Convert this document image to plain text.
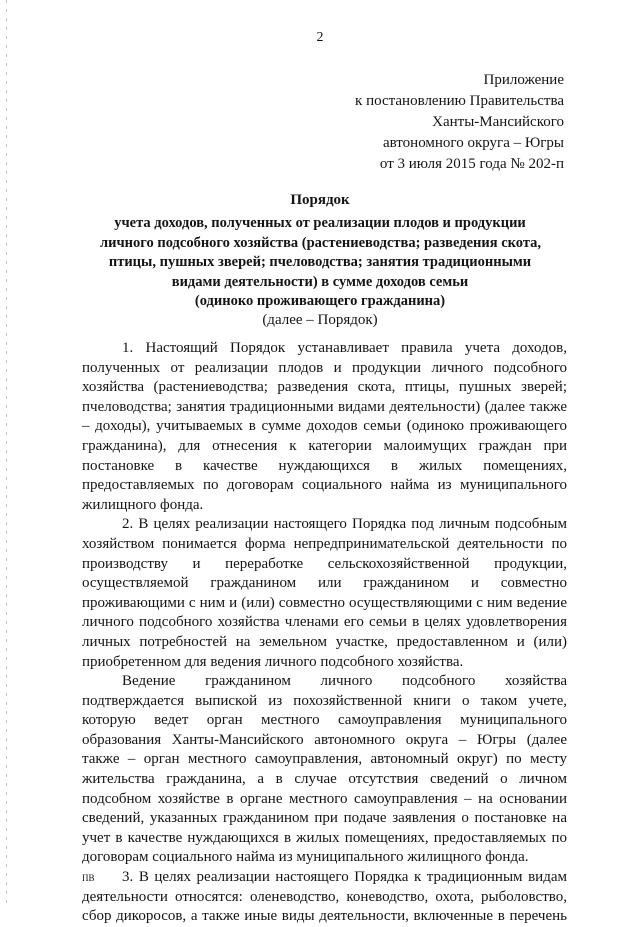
2
Приложение
к постановлению Правительства
Ханты-Мансийского
автономного округа – Югры
от 3 июля 2015 года № 202-п
Порядок
учета доходов, полученных от реализации плодов и продукции
личного подсобного хозяйства (растениеводства; разведения скота,
птицы, пушных зверей; пчеловодства; занятия традиционными
видами деятельности) в сумме доходов семьи
(одиноко проживающего гражданина)
(далее – Порядок)
1. Настоящий Порядок устанавливает правила учета доходов,
полученных от реализации плодов и продукции личного подсобного
хозяйства (растениеводства; разведения скота, птицы, пушных зверей;
пчеловодства; занятия традиционными видами деятельности) (далее также
– доходы), учитываемых в сумме доходов семьи (одиноко проживающего
гражданина), для отнесения к категории малоимущих граждан при
постановке в качестве нуждающихся в жилых помещениях,
предоставляемых по договорам социального найма из муниципального
жилищного фонда.
2. В целях реализации настоящего Порядка под личным подсобным
хозяйством понимается форма непредпринимательской деятельности по
производству и переработке сельскохозяйственной продукции,
осуществляемой гражданином или гражданином и совместно
проживающими с ним и (или) совместно осуществляющими с ним ведение
личного подсобного хозяйства членами его семьи в целях удовлетворения
личных потребностей на земельном участке, предоставленном и (или)
приобретенном для ведения личного подсобного хозяйства.
Ведение гражданином личного подсобного хозяйства
подтверждается выпиской из похозяйственной книги о таком учете,
которую ведет орган местного самоуправления муниципального
образования Ханты-Мансийского автономного округа – Югры (далее
также – орган местного самоуправления, автономный округ) по месту
жительства гражданина, а в случае отсутствия сведений о личном
подсобном хозяйстве в органе местного самоуправления – на основании
сведений, указанных гражданином при подаче заявления о постановке на
учет в качестве нуждающихся в жилых помещениях, предоставляемых по
договорам социального найма из муниципального жилищного фонда.
3. В целях реализации настоящего Порядка к традиционным видам
деятельности относятся: оленеводство, коневодство, охота, рыболовство,
сбор дикоросов, а также иные виды деятельности, включенные в перечень
ПВ
